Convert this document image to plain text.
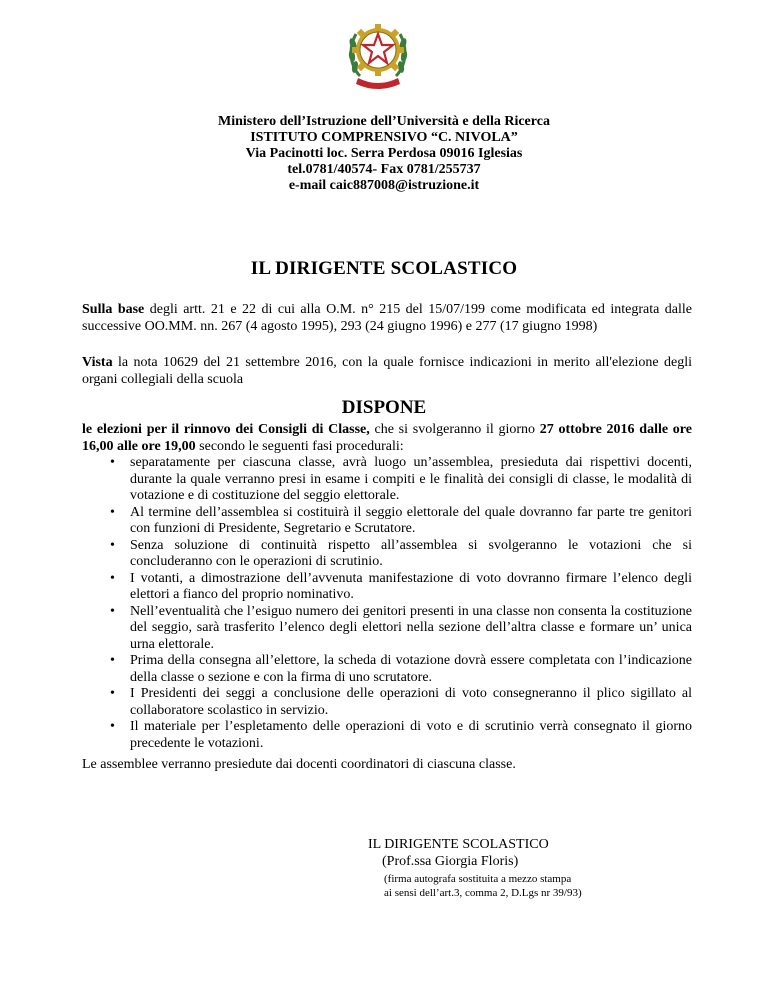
Ministero dell’Istruzione dell’Università e della Ricerca
ISTITUTO COMPRENSIVO “C. NIVOLA”
Via Pacinotti loc. Serra Perdosa 09016 Iglesias
tel.0781/40574- Fax 0781/255737
e-mail caic887008@istruzione.it
IL DIRIGENTE SCOLASTICO
Sulla base degli artt. 21 e 22 di cui alla O.M. n° 215 del 15/07/199 come modificata ed integrata dalle successive OO.MM. nn. 267 (4 agosto 1995), 293 (24 giugno 1996) e 277 (17 giugno 1998)
Vista la nota 10629 del 21 settembre 2016, con la quale fornisce indicazioni in merito all'elezione degli organi collegiali della scuola
DISPONE
le elezioni per il rinnovo dei Consigli di Classe, che si svolgeranno il giorno 27 ottobre 2016 dalle ore 16,00 alle ore 19,00 secondo le seguenti fasi procedurali:
• separatamente per ciascuna classe, avrà luogo un’assemblea, presieduta dai rispettivi docenti, durante la quale verranno presi in esame i compiti e le finalità dei consigli di classe, le modalità di votazione e di costituzione del seggio elettorale.
• Al termine dell’assemblea si costituirà il seggio elettorale del quale dovranno far parte tre genitori con funzioni di Presidente, Segretario e Scrutatore.
• Senza soluzione di continuità rispetto all’assemblea si svolgeranno le votazioni che si concluderanno con le operazioni di scrutinio.
• I votanti, a dimostrazione dell’avvenuta manifestazione di voto dovranno firmare l’elenco degli elettori a fianco del proprio nominativo.
• Nell’eventualità che l’esiguo numero dei genitori presenti in una classe non consenta la costituzione del seggio, sarà trasferito l’elenco degli elettori nella sezione dell’altra classe e formare un’ unica urna elettorale.
• Prima della consegna all’elettore, la scheda di votazione dovrà essere completata con l’indicazione della classe o sezione e con la firma di uno scrutatore.
• I Presidenti dei seggi a conclusione delle operazioni di voto consegneranno il plico sigillato al collaboratore scolastico in servizio.
• Il materiale per l’espletamento delle operazioni di voto e di scrutinio verrà consegnato il giorno precedente le votazioni.
Le assemblee verranno presiedute dai docenti coordinatori di ciascuna classe.
IL DIRIGENTE SCOLASTICO
(Prof.ssa Giorgia Floris)
(firma autografa sostituita a mezzo stampa
ai sensi dell’art.3, comma 2, D.Lgs nr 39/93)
